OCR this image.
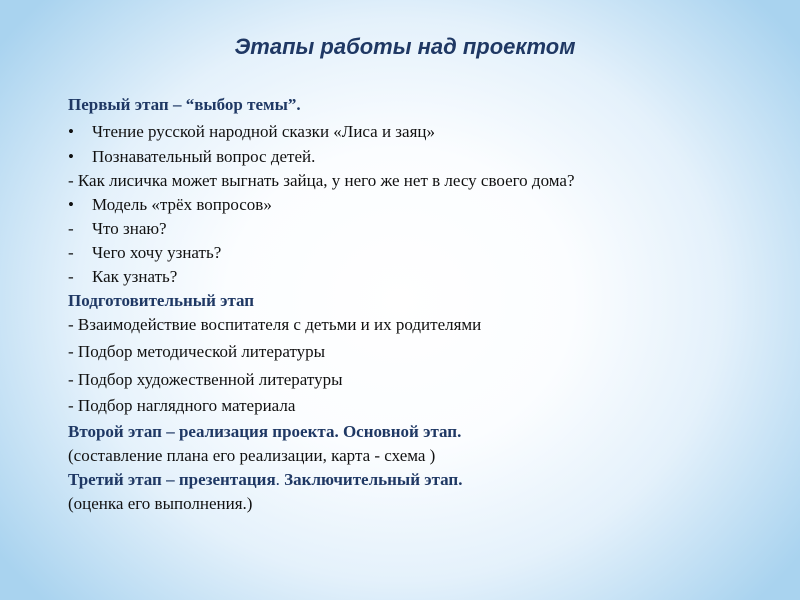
Этапы работы над проектом
Первый этап – “выбор темы”.
• Чтение русской народной сказки «Лиса и заяц»
• Познавательный вопрос детей.
- Как лисичка может выгнать зайца, у него же нет в лесу своего дома?
• Модель «трёх вопросов»
- Что знаю?
- Чего хочу узнать?
- Как узнать?
Подготовительный этап
- Взаимодействие воспитателя с детьми и их родителями
- Подбор методической литературы
- Подбор художественной литературы
- Подбор наглядного материала
Второй этап – реализация проекта. Основной этап.
(составление плана его реализации, карта - схема )
Третий этап – презентация. Заключительный этап.
(оценка его выполнения.)
